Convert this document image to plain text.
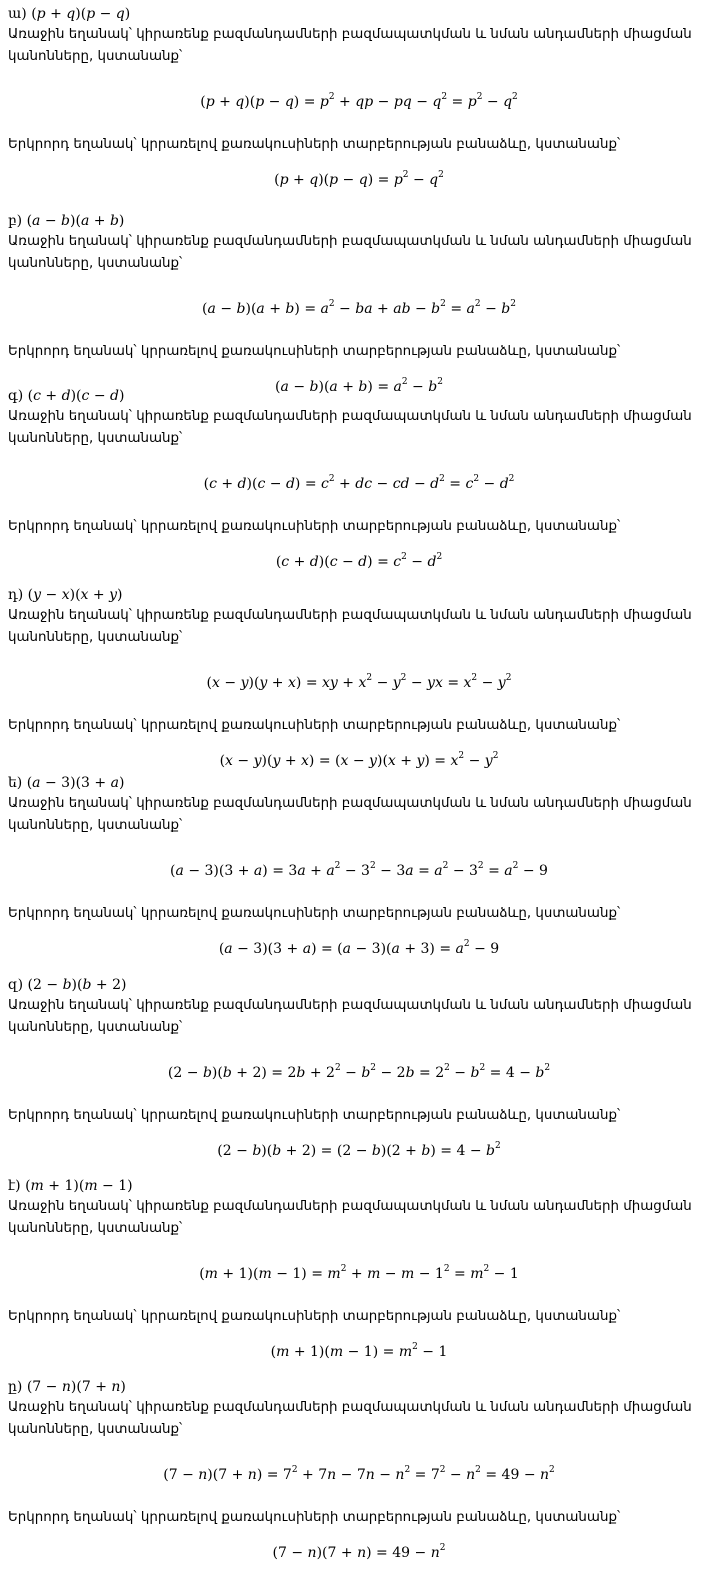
ա) (p + q)(p − q)
Առաջին եղանակ՝ կիրառենք բազմանդամների բազմապատկման և նման անդամների միացման կանոնները, կստանանք՝
$(p + q)(p - q) = p^2$ + qp − pq − $q^2 = p^2 - q^2$
Երկրորդ եղանակ՝ կրրառելով քառակուսիների տարբերության բանաձևը, կստանանք՝
$(p + q)(p - q) = p^2 - q^2$
բ) (a − b)(a + b)
Առաջին եղանակ՝ կիրառենք բազմանդամների բազմապատկման և նման անդամների միացման կանոնները, կստանանք՝
$(a - b)(a + b) = a^2$ − ba + ab − $b^2 = a^2 - b^2$
Երկրորդ եղանակ՝ կրրառելով քառակուսիների տարբերության բանաձևը, կստանանք՝
$(a - b)(a + b) = a^2 - b^2$
գ) (c + d)(c − d)
Առաջին եղանակ՝ կիրառենք բազմանդամների բազմապատկման և նման անդամների միացման կանոնները, կստանանք՝
$(c + d)(c - d) = c^2$ + dc − cd − $d^2 = c^2 - d^2$
Երկրորդ եղանակ՝ կրրառելով քառակուսիների տարբերության բանաձևը, կստանանք՝
$(c + d)(c - d) = c^2 - d^2$
դ) (y − x)(x + y)
Առաջին եղանակ՝ կիրառենք բազմանդամների բազմապատկման և նման անդամների միացման կանոնները, կստանանք՝
(x − y)(y + x) = xy + $x^2 - y^2$ − yx = $x^2 - y^2$
Երկրորդ եղանակ՝ կրրառելով քառակուսիների տարբերության բանաձևը, կստանանք՝
$(x - y)(y + x) = (x - y)(x + y) = x^2 - y^2$
ե) (a − 3)(3 + a)
Առաջին եղանակ՝ կիրառենք բազմանդամների բազմապատկման և նման անդամների միացման կանոնները, կստանանք՝
$(a - 3)(3 + a) = 3a + a^2 - 3^2 - 3a = a^2 - 3^2 = a^2 - 9$
Երկրորդ եղանակ՝ կրրառելով քառակուսիների տարբերության բանաձևը, կստանանք՝
$(a - 3)(3 + a) = (a - 3)(a + 3) = a^2 - 9$
զ) (2 − b)(b + 2)
Առաջին եղանակ՝ կիրառենք բազմանդամների բազմապատկման և նման անդամների միացման կանոնները, կստանանք՝
$(2 - b)(b + 2) = 2b + 2^2 - b^2 - 2b = 2^2 - b^2 = 4 - b^2$
Երկրորդ եղանակ՝ կրրառելով քառակուսիների տարբերության բանաձևը, կստանանք՝
$(2 - b)(b + 2) = (2 - b)(2 + b) = 4 - b^2$
է) (m + 1)(m − 1)
Առաջին եղանակ՝ կիրառենք բազմանդամների բազմապատկման և նման անդամների միացման կանոնները, կստանանք՝
$(m + 1)(m - 1) = m^2 + m - m - 1^2 = m^2 - 1$
Երկրորդ եղանակ՝ կրրառելով քառակուսիների տարբերության բանաձևը, կստանանք՝
$(m + 1)(m - 1) = m^2 - 1$
ը) (7 − n)(7 + n)
Առաջին եղանակ՝ կիրառենք բազմանդամների բազմապատկման և նման անդամների միացման կանոնները, կստանանք՝
$(7 - n)(7 + n) = 7^2 + 7n - 7n - n^2 = 7^2 - n^2 = 49 - n^2$
Երկրորդ եղանակ՝ կրրառելով քառակուսիների տարբերության բանաձևը, կստանանք՝
$(7 - n)(7 + n) = 49 - n^2$
